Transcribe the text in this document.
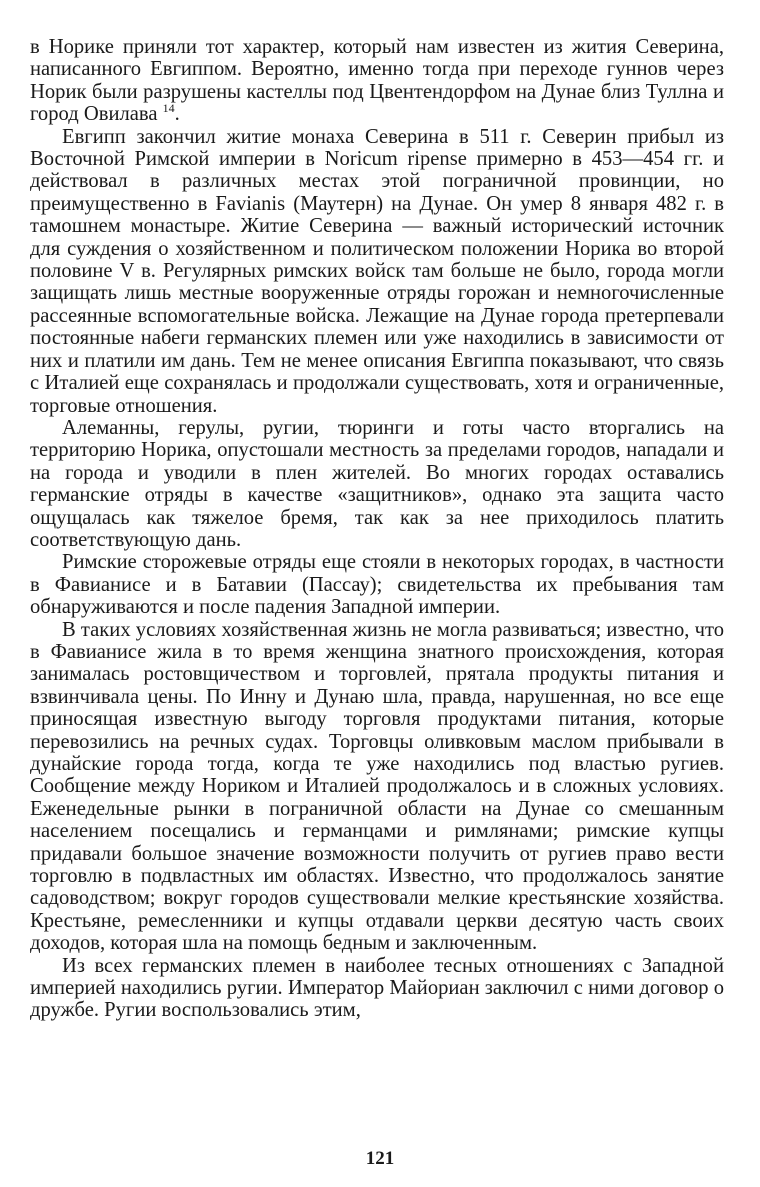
в Норике приняли тот характер, который нам известен из жития Северина, написанного Евгиппом. Вероятно, именно тогда при переходе гуннов через Норик были разрушены кастеллы под Цвентендорфом на Дунае близ Туллна и город Овилава $^{14}$.

Евгипп закончил житие монаха Северина в 511 г. Северин прибыл из Восточной Римской империи в Noricum ripense примерно в 453—454 гг. и действовал в различных местах этой пограничной провинции, но преимущественно в Favianis (Маутерн) на Дунае. Он умер 8 января 482 г. в тамошнем монастыре. Житие Северина — важный исторический источник для суждения о хозяйственном и политическом положении Норика во второй половине V в. Регулярных римских войск там больше не было, города могли защищать лишь местные вооруженные отряды горожан и немногочисленные рассеянные вспомогательные войска. Лежащие на Дунае города претерпевали постоянные набеги германских племен или уже находились в зависимости от них и платили им дань. Тем не менее описания Евгиппа показывают, что связь с Италией еще сохранялась и продолжали существовать, хотя и ограниченные, торговые отношения.

Алеманны, герулы, ругии, тюринги и готы часто вторгались на территорию Норика, опустошали местность за пределами городов, нападали и на города и уводили в плен жителей. Во многих городах оставались германские отряды в качестве «защитников», однако эта защита часто ощущалась как тяжелое бремя, так как за нее приходилось платить соответствующую дань.

Римские сторожевые отряды еще стояли в некоторых городах, в частности в Фавианисе и в Батавии (Пассау); свидетельства их пребывания там обнаруживаются и после падения Западной империи.

В таких условиях хозяйственная жизнь не могла развиваться; известно, что в Фавианисе жила в то время женщина знатного происхождения, которая занималась ростовщичеством и торговлей, прятала продукты питания и взвинчивала цены. По Инну и Дунаю шла, правда, нарушенная, но все еще приносящая известную выгоду торговля продуктами питания, которые перевозились на речных судах. Торговцы оливковым маслом прибывали в дунайские города тогда, когда те уже находились под властью ругиев. Сообщение между Нориком и Италией продолжалось и в сложных условиях. Еженедельные рынки в пограничной области на Дунае со смешанным населением посещались и германцами и римлянами; римские купцы придавали большое значение возможности получить от ругиев право вести торговлю в подвластных им областях. Известно, что продолжалось занятие садоводством; вокруг городов существовали мелкие крестьянские хозяйства. Крестьяне, ремесленники и купцы отдавали церкви десятую часть своих доходов, которая шла на помощь бедным и заключенным.

Из всех германских племен в наиболее тесных отношениях с Западной империей находились ругии. Император Майориан заключил с ними договор о дружбе. Ругии воспользовались этим,

121
